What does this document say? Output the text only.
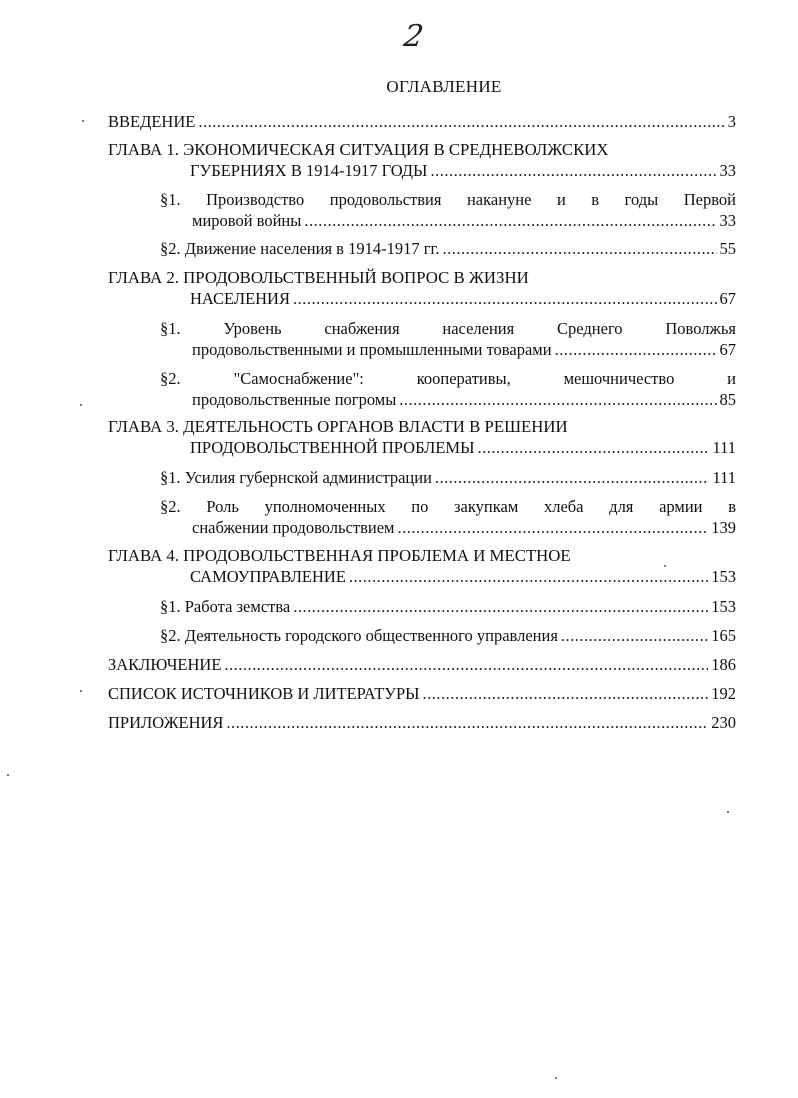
2
ОГЛАВЛЕНИЕ
ВВЕДЕНИЕ .....	3
ГЛАВА 1. ЭКОНОМИЧЕСКАЯ СИТУАЦИЯ В СРЕДНЕВОЛЖСКИХ
ГУБЕРНИЯХ В 1914-1917 ГОДЫ .....	33
§1. Производство продовольствия накануне и в годы Первой
мировой войны .....	33
§2. Движение населения в 1914-1917 гг. .....	55
ГЛАВА 2. ПРОДОВОЛЬСТВЕННЫЙ ВОПРОС В ЖИЗНИ
НАСЕЛЕНИЯ .....	67
§1. Уровень снабжения населения Среднего Поволжья
продовольственными и промышленными товарами .....	67
§2. "Самоснабжение": кооперативы, мешочничество и
продовольственные погромы .....	85
ГЛАВА 3. ДЕЯТЕЛЬНОСТЬ ОРГАНОВ ВЛАСТИ В РЕШЕНИИ
ПРОДОВОЛЬСТВЕННОЙ ПРОБЛЕМЫ .....	111
§1. Усилия губернской администрации .....	111
§2. Роль уполномоченных по закупкам хлеба для армии в
снабжении продовольствием .....	139
ГЛАВА 4. ПРОДОВОЛЬСТВЕННАЯ ПРОБЛЕМА И МЕСТНОЕ
САМОУПРАВЛЕНИЕ .....	153
§1. Работа земства .....	153
§2. Деятельность городского общественного управления .....	165
ЗАКЛЮЧЕНИЕ .....	186
СПИСОК ИСТОЧНИКОВ И ЛИТЕРАТУРЫ .....	192
ПРИЛОЖЕНИЯ .....	230
